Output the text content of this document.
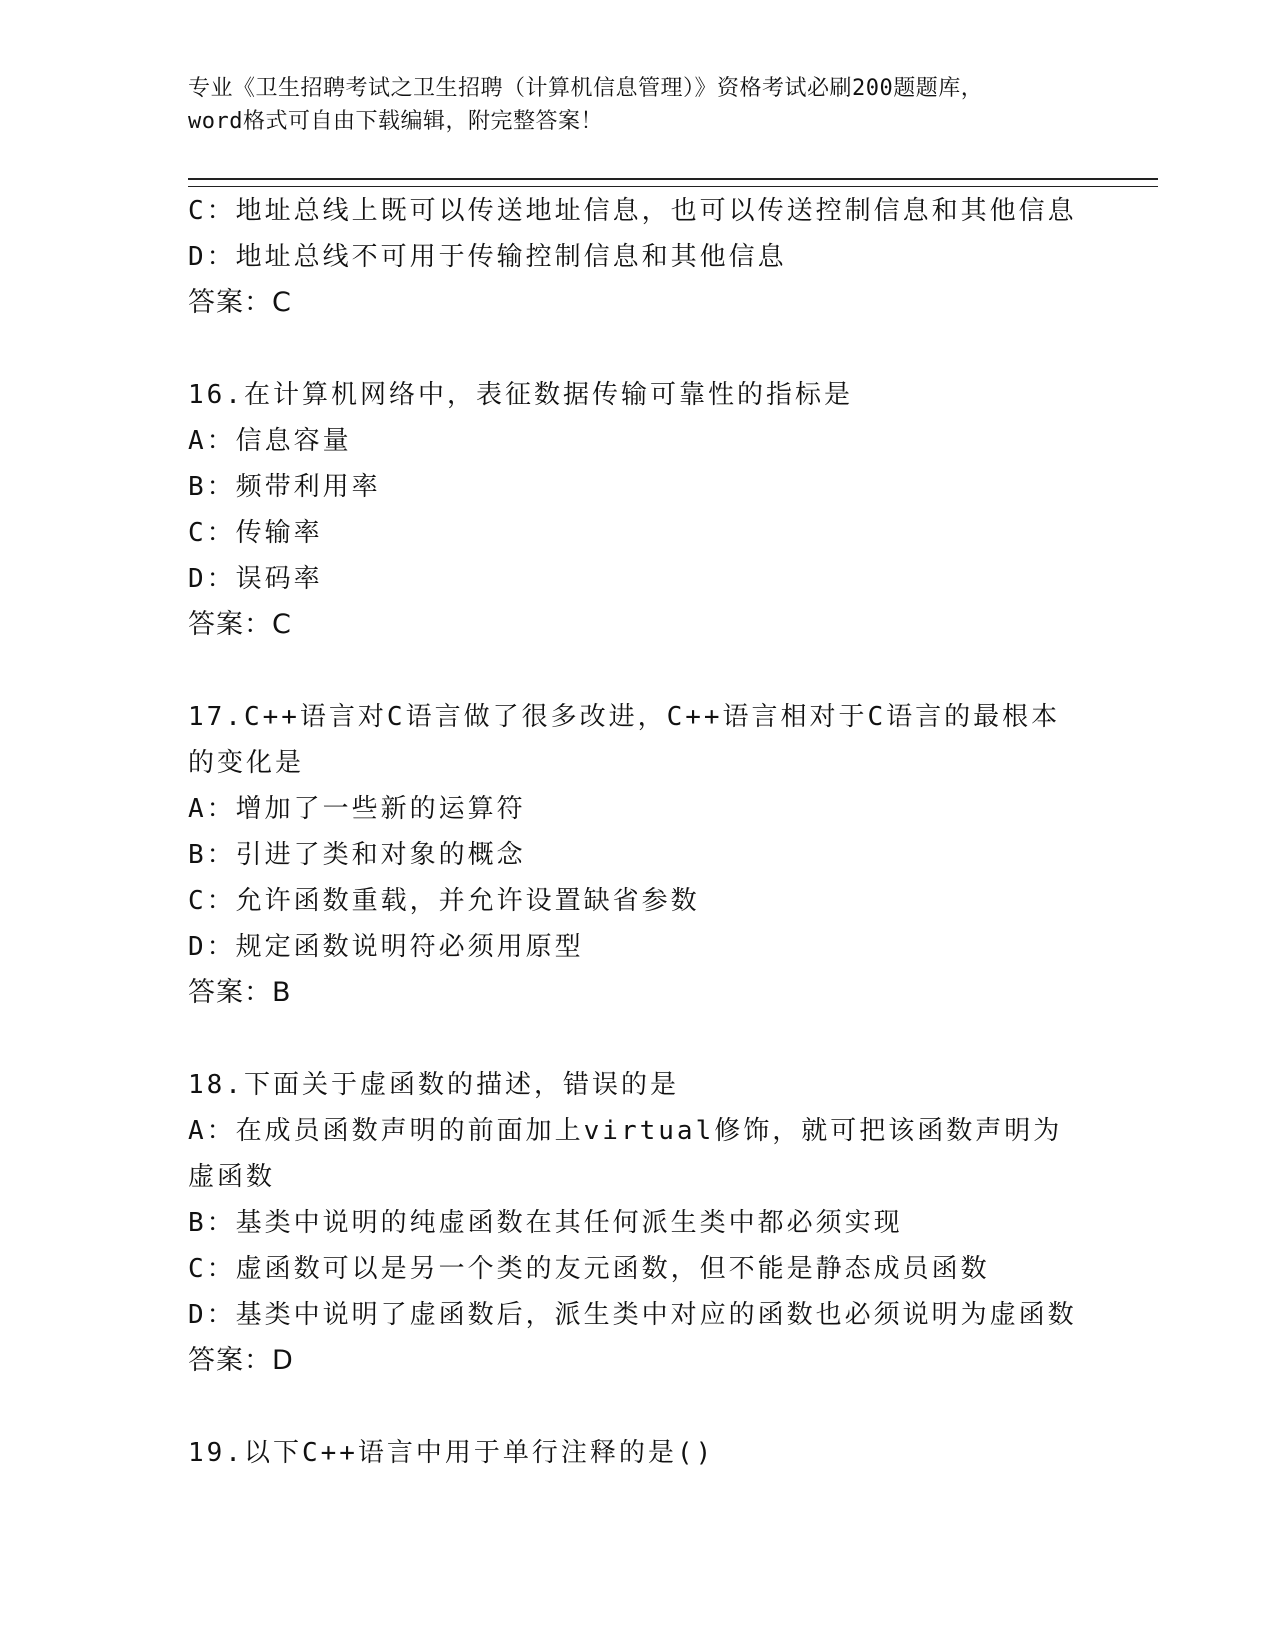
专业《卫生招聘考试之卫生招聘（计算机信息管理）》资格考试必刷200题题库，
word格式可自由下载编辑，附完整答案！

C：地址总线上既可以传送地址信息，也可以传送控制信息和其他信息

D：地址总线不可用于传输控制信息和其他信息

答案：C

16.在计算机网络中，表征数据传输可靠性的指标是

A：信息容量

B：频带利用率

C：传输率

D：误码率

答案：C

17.C++语言对C语言做了很多改进，C++语言相对于C语言的最根本的变化是

A：增加了一些新的运算符

B：引进了类和对象的概念

C：允许函数重载，并允许设置缺省参数

D：规定函数说明符必须用原型

答案：B

18.下面关于虚函数的描述，错误的是

A：在成员函数声明的前面加上virtual修饰，就可把该函数声明为虚函数

B：基类中说明的纯虚函数在其任何派生类中都必须实现

C：虚函数可以是另一个类的友元函数，但不能是静态成员函数

D：基类中说明了虚函数后，派生类中对应的函数也必须说明为虚函数

答案：D

19.以下C++语言中用于单行注释的是()
